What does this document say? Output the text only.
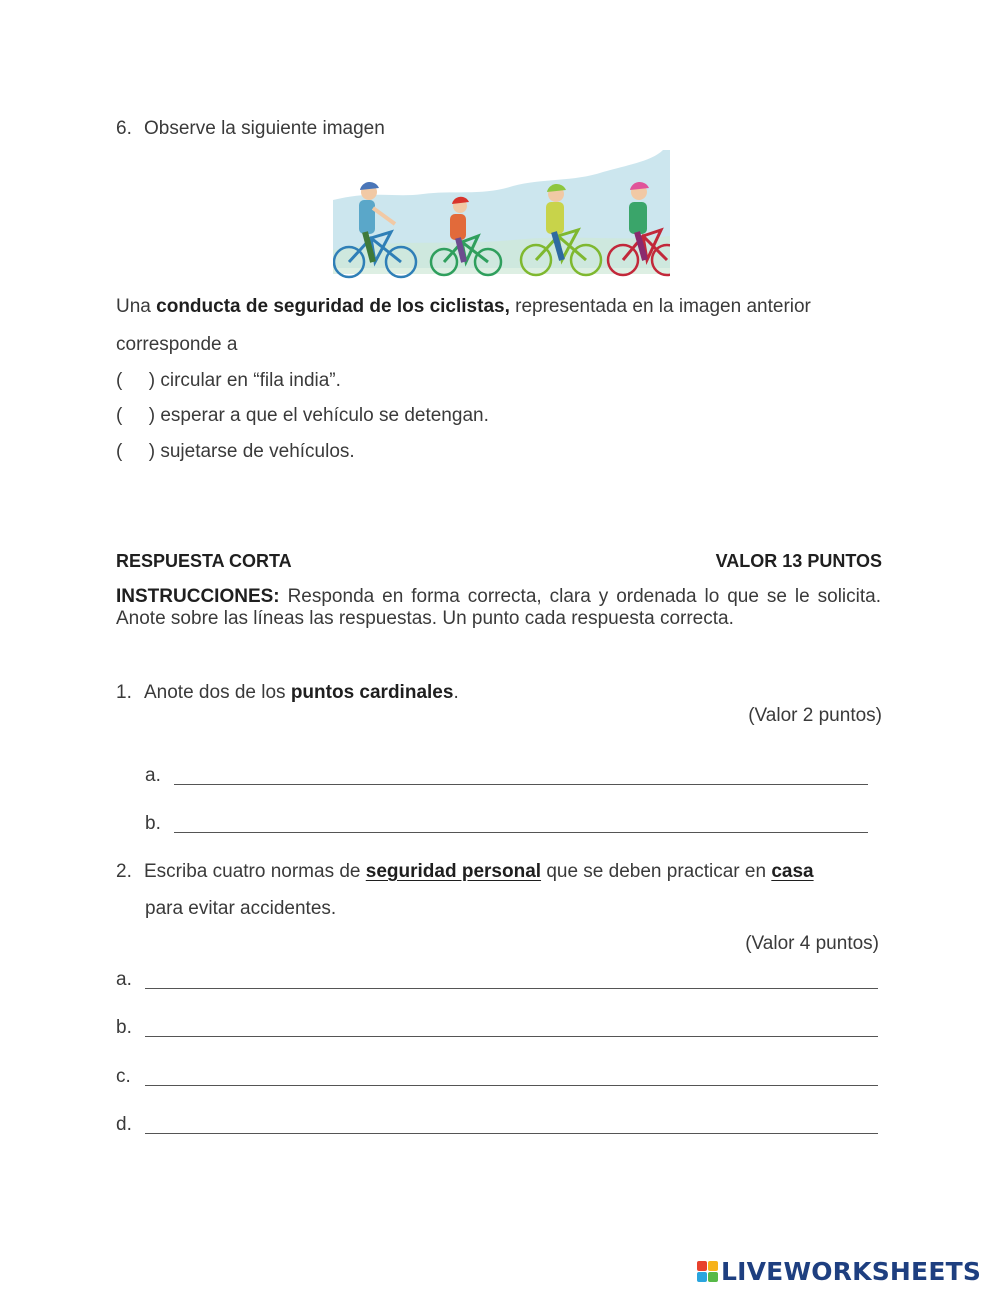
6. Observe la siguiente imagen
Una conducta de seguridad de los ciclistas, representada en la imagen anterior
corresponde a
(     ) circular en “fila india”.
(     ) esperar a que el vehículo se detengan.
(     ) sujetarse de vehículos.
RESPUESTA CORTA	VALOR 13 PUNTOS
INSTRUCCIONES: Responda en forma correcta, clara y ordenada lo que se le solicita. Anote sobre las líneas las respuestas. Un punto cada respuesta correcta.
1. Anote dos de los puntos cardinales.
(Valor 2 puntos)
a.
b.
2. Escriba cuatro normas de seguridad personal que se deben practicar en casa
para evitar accidentes.
(Valor 4 puntos)
a.
b.
c.
d.
LIVEWORKSHEETS
